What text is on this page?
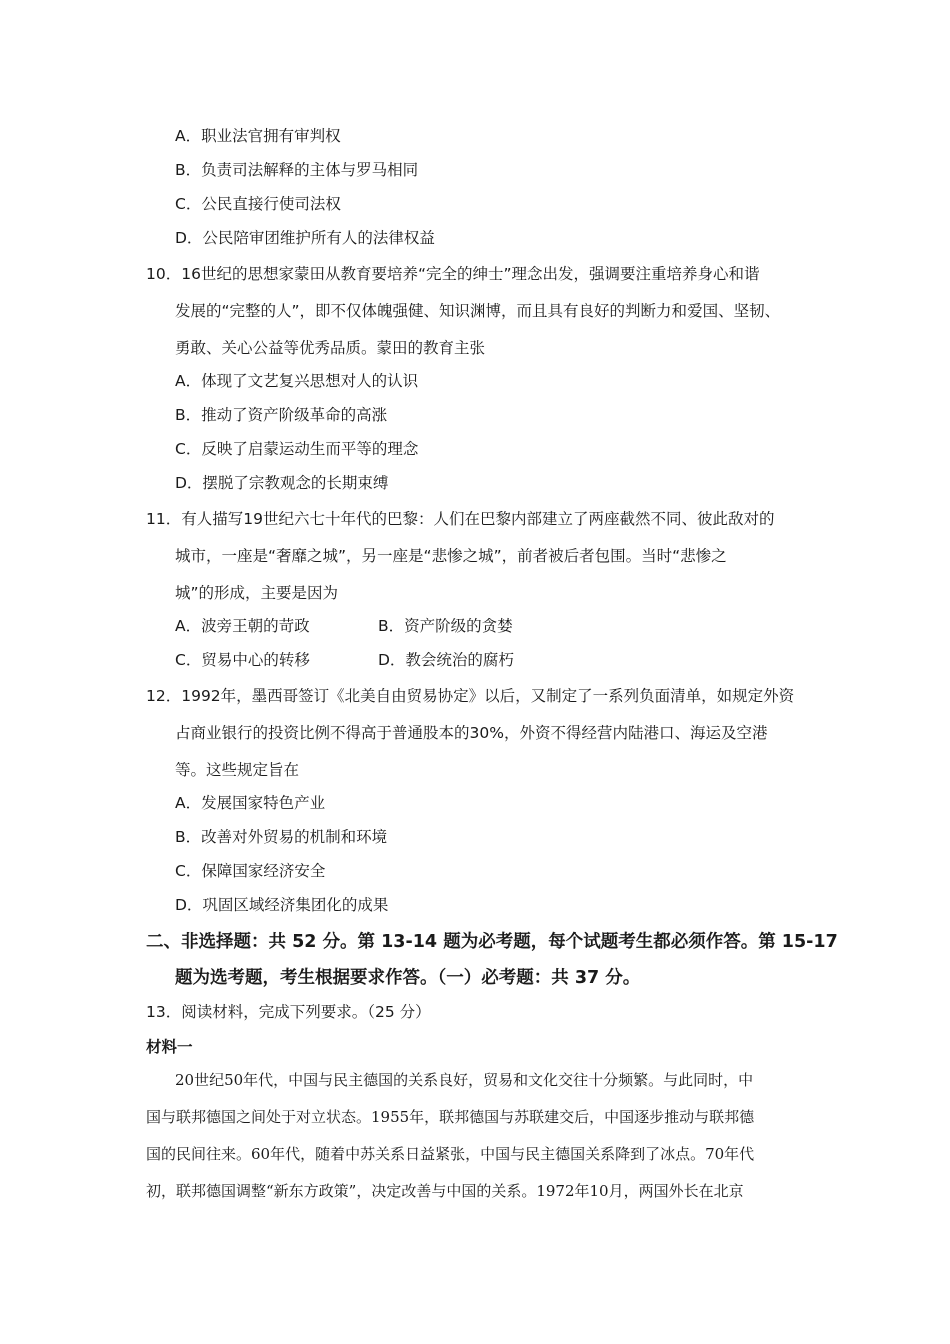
A．职业法官拥有审判权
B．负责司法解释的主体与罗马相同
C．公民直接行使司法权
D．公民陪审团维护所有人的法律权益
10．16世纪的思想家蒙田从教育要培养“完全的绅士”理念出发，强调要注重培养身心和谐
发展的“完整的人”，即不仅体魄强健、知识渊博，而且具有良好的判断力和爱国、坚韧、
勇敢、关心公益等优秀品质。蒙田的教育主张
A．体现了文艺复兴思想对人的认识
B．推动了资产阶级革命的高涨
C．反映了启蒙运动生而平等的理念
D．摆脱了宗教观念的长期束缚
11．有人描写19世纪六七十年代的巴黎：人们在巴黎内部建立了两座截然不同、彼此敌对的
城市，一座是“奢靡之城”，另一座是“悲惨之城”，前者被后者包围。当时“悲惨之
城”的形成，主要是因为
A．波旁王朝的苛政	B．资产阶级的贪婪
C．贸易中心的转移	D．教会统治的腐朽
12．1992年，墨西哥签订《北美自由贸易协定》以后，又制定了一系列负面清单，如规定外资
占商业银行的投资比例不得高于普通股本的30%，外资不得经营内陆港口、海运及空港
等。这些规定旨在
A．发展国家特色产业
B．改善对外贸易的机制和环境
C．保障国家经济安全
D．巩固区域经济集团化的成果
二、非选择题：共 52 分。第 13-14 题为必考题，每个试题考生都必须作答。第 15-17
题为选考题，考生根据要求作答。（一）必考题：共 37 分。
13．阅读材料，完成下列要求。（25 分）
材料一
20世纪50年代，中国与民主德国的关系良好，贸易和文化交往十分频繁。与此同时，中
国与联邦德国之间处于对立状态。1955年，联邦德国与苏联建交后，中国逐步推动与联邦德
国的民间往来。60年代，随着中苏关系日益紧张，中国与民主德国关系降到了冰点。70年代
初，联邦德国调整“新东方政策”，决定改善与中国的关系。1972年10月，两国外长在北京
